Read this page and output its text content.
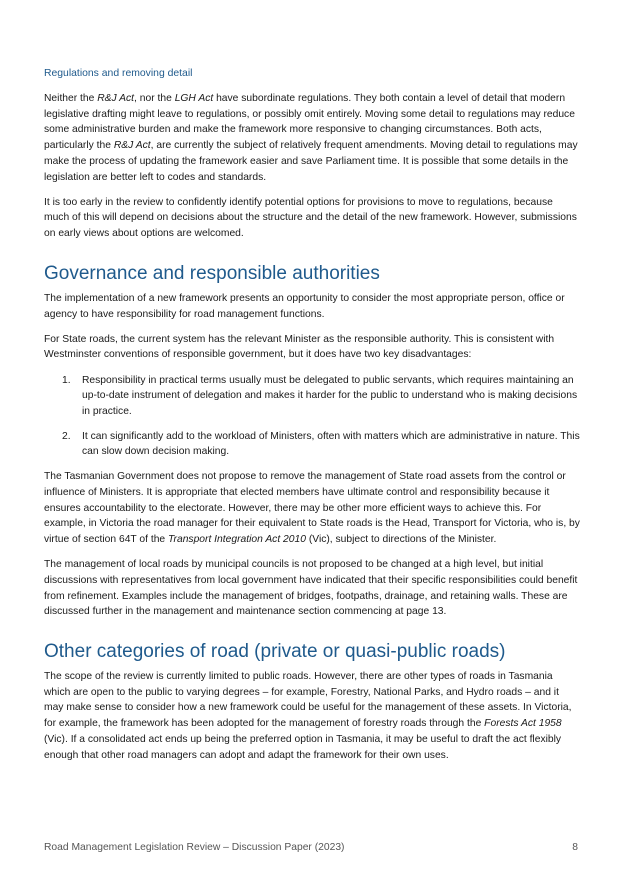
Regulations and removing detail

Neither the R&J Act, nor the LGH Act have subordinate regulations. They both contain a level of detail that modern legislative drafting might leave to regulations, or possibly omit entirely. Moving some detail to regulations may reduce some administrative burden and make the framework more responsive to changing circumstances. Both acts, particularly the R&J Act, are currently the subject of relatively frequent amendments. Moving detail to regulations may make the process of updating the framework easier and save Parliament time. It is possible that some details in the legislation are better left to codes and standards.

It is too early in the review to confidently identify potential options for provisions to move to regulations, because much of this will depend on decisions about the structure and the detail of the new framework. However, submissions on early views about options are welcomed.

Governance and responsible authorities

The implementation of a new framework presents an opportunity to consider the most appropriate person, office or agency to have responsibility for road management functions.

For State roads, the current system has the relevant Minister as the responsible authority. This is consistent with Westminster conventions of responsible government, but it does have two key disadvantages:

1. Responsibility in practical terms usually must be delegated to public servants, which requires maintaining an up-to-date instrument of delegation and makes it harder for the public to understand who is making decisions in practice.
2. It can significantly add to the workload of Ministers, often with matters which are administrative in nature. This can slow down decision making.

The Tasmanian Government does not propose to remove the management of State road assets from the control or influence of Ministers. It is appropriate that elected members have ultimate control and responsibility because it ensures accountability to the electorate. However, there may be other more efficient ways to achieve this. For example, in Victoria the road manager for their equivalent to State roads is the Head, Transport for Victoria, who is, by virtue of section 64T of the Transport Integration Act 2010 (Vic), subject to directions of the Minister.

The management of local roads by municipal councils is not proposed to be changed at a high level, but initial discussions with representatives from local government have indicated that their specific responsibilities could benefit from refinement. Examples include the management of bridges, footpaths, drainage, and retaining walls. These are discussed further in the management and maintenance section commencing at page 13.

Other categories of road (private or quasi-public roads)

The scope of the review is currently limited to public roads. However, there are other types of roads in Tasmania which are open to the public to varying degrees – for example, Forestry, National Parks, and Hydro roads – and it may make sense to consider how a new framework could be useful for the management of these assets. In Victoria, for example, the framework has been adopted for the management of forestry roads through the Forests Act 1958 (Vic). If a consolidated act ends up being the preferred option in Tasmania, it may be useful to draft the act flexibly enough that other road managers can adopt and adapt the framework for their own uses.

Road Management Legislation Review – Discussion Paper (2023)	8
